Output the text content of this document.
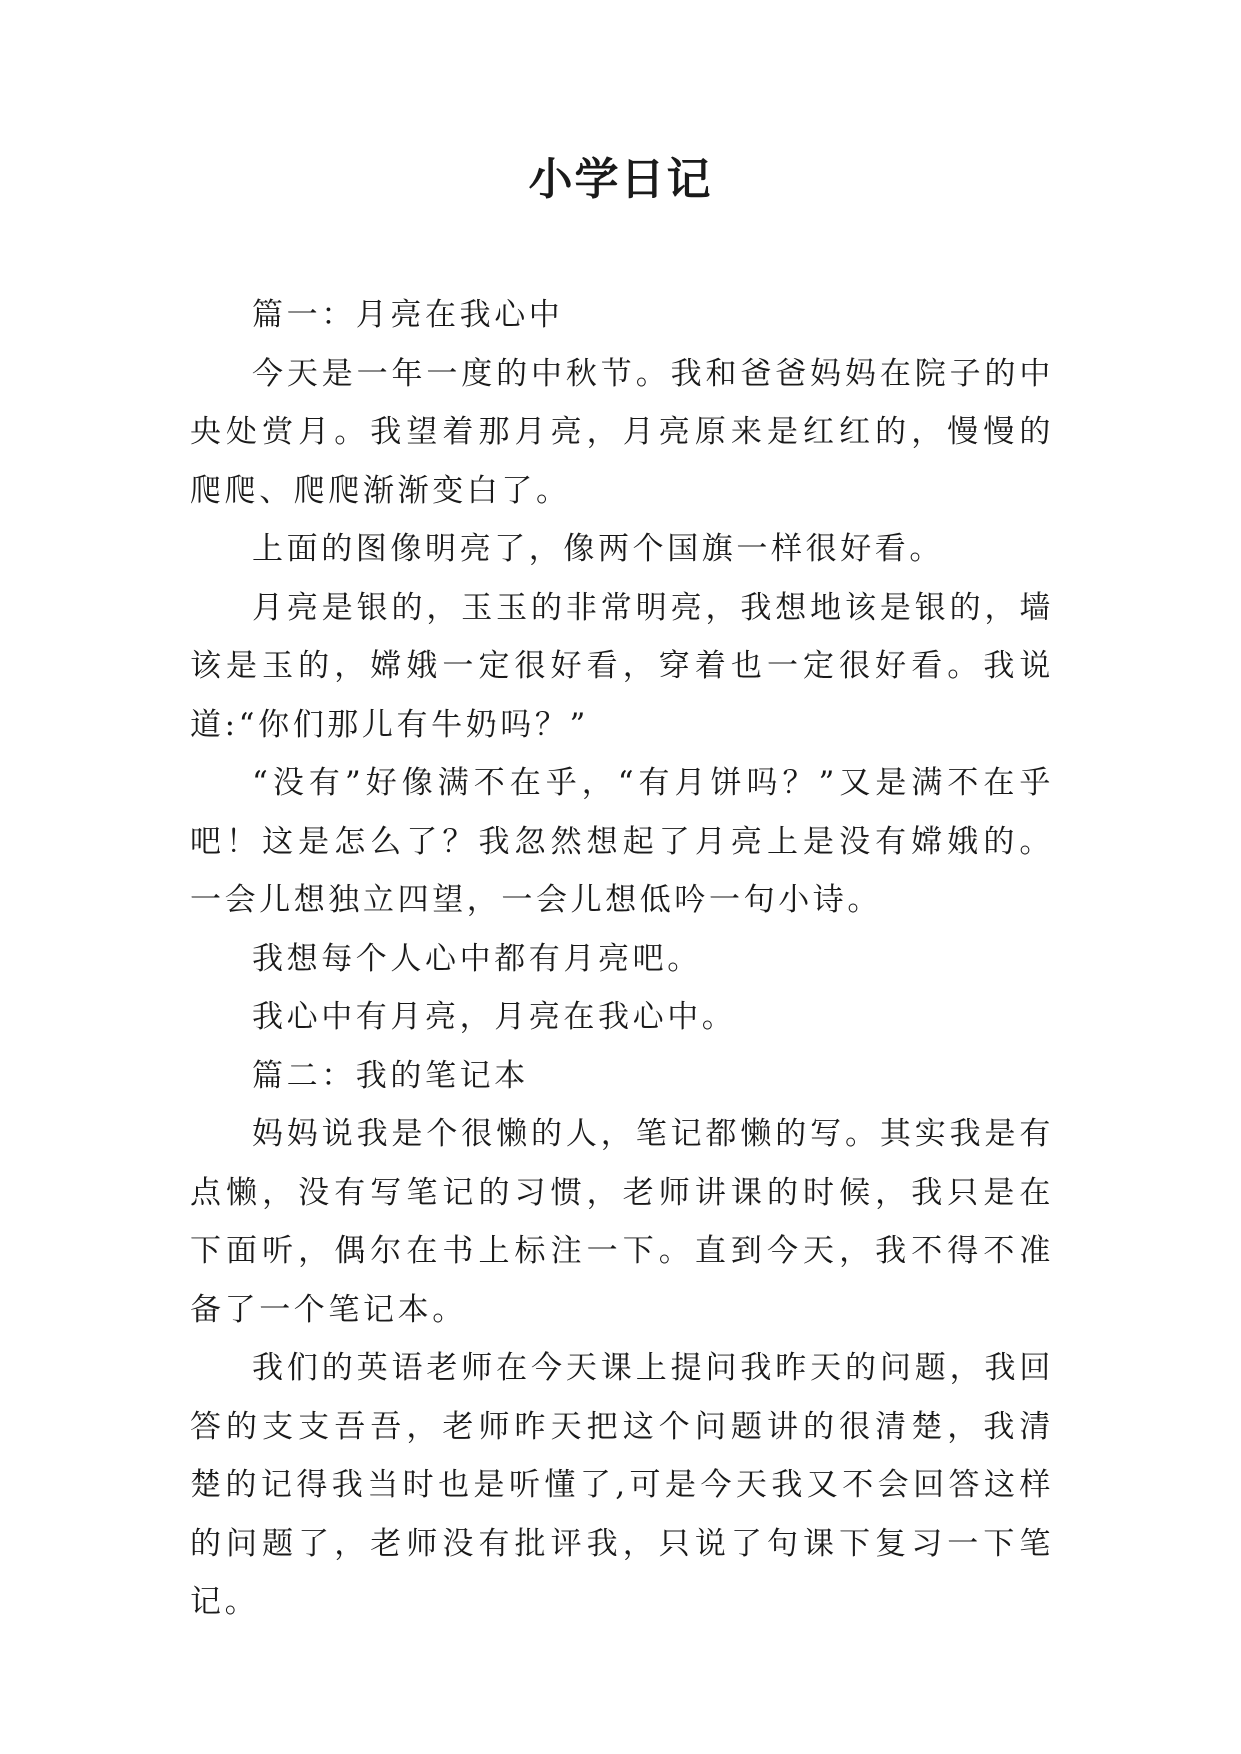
小学日记

篇一：月亮在我心中

今天是一年一度的中秋节。我和爸爸妈妈在院子的中央处赏月。我望着那月亮，月亮原来是红红的，慢慢的爬爬、爬爬渐渐变白了。

上面的图像明亮了，像两个国旗一样很好看。

月亮是银的，玉玉的非常明亮，我想地该是银的，墙该是玉的，嫦娥一定很好看，穿着也一定很好看。我说道:“你们那儿有牛奶吗？”

“没有”好像满不在乎，“有月饼吗？”又是满不在乎吧！这是怎么了？我忽然想起了月亮上是没有嫦娥的。一会儿想独立四望，一会儿想低吟一句小诗。

我想每个人心中都有月亮吧。

我心中有月亮，月亮在我心中。

篇二：我的笔记本

妈妈说我是个很懒的人，笔记都懒的写。其实我是有点懒，没有写笔记的习惯，老师讲课的时候，我只是在下面听，偶尔在书上标注一下。直到今天，我不得不准备了一个笔记本。

我们的英语老师在今天课上提问我昨天的问题，我回答的支支吾吾，老师昨天把这个问题讲的很清楚，我清楚的记得我当时也是听懂了,可是今天我又不会回答这样的问题了，老师没有批评我，只说了句课下复习一下笔记。
